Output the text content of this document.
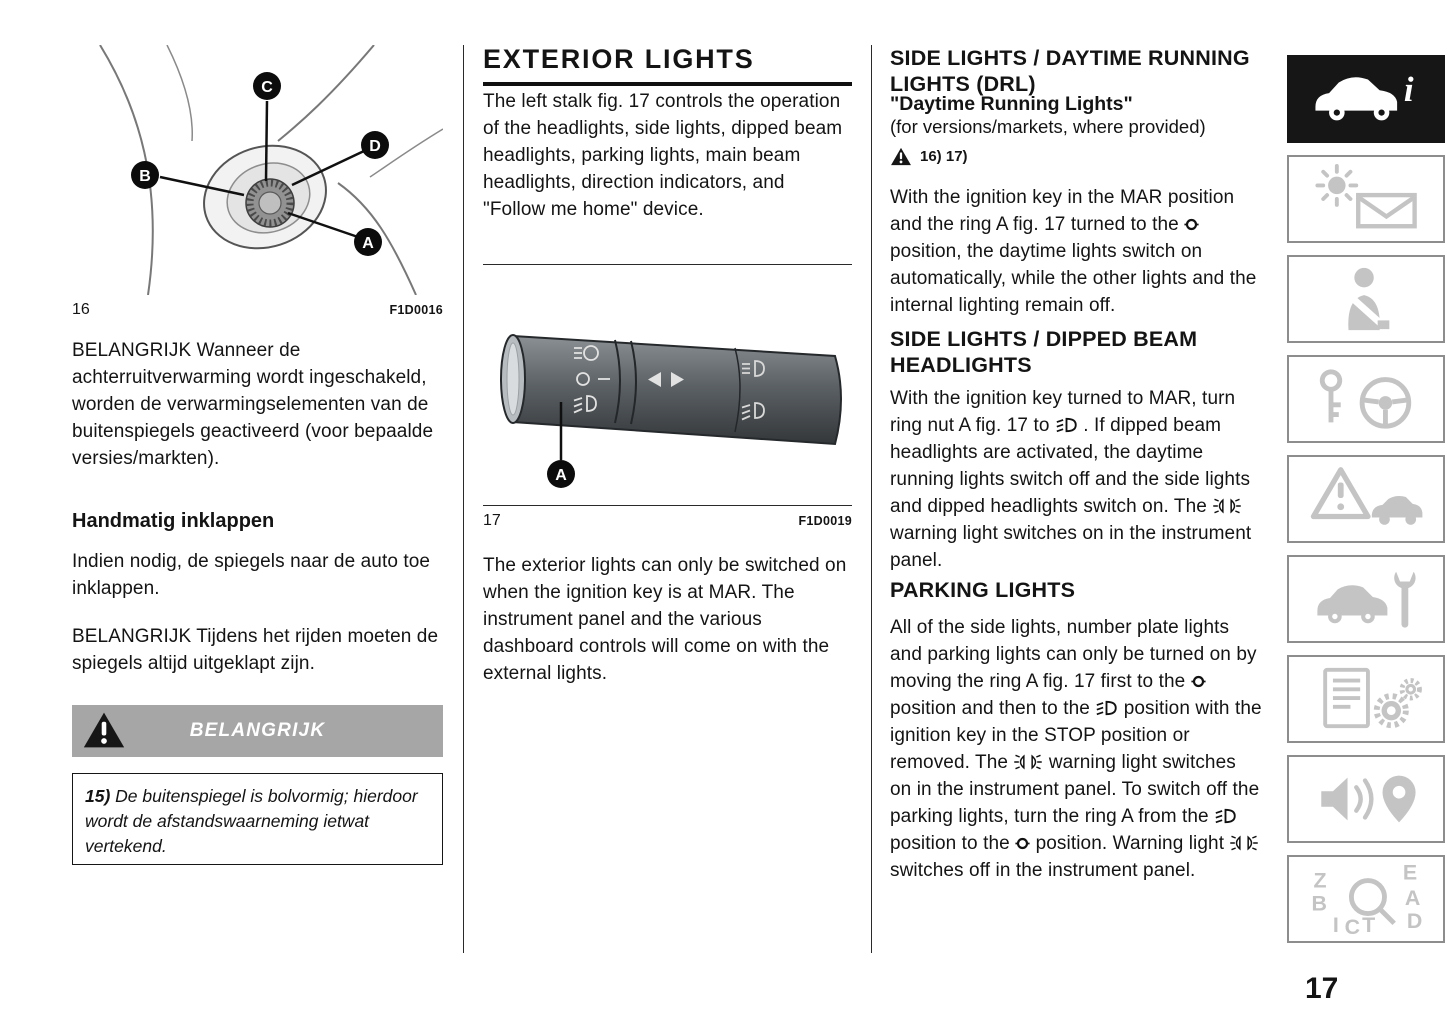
C
D
B
A
16	F1D0016

BELANGRIJK Wanneer de achterruitverwarming wordt ingeschakeld, worden de verwarmingselementen van de buitenspiegels geactiveerd (voor bepaalde versies/markten).

Handmatig inklappen

Indien nodig, de spiegels naar de auto toe inklappen.

BELANGRIJK Tijdens het rijden moeten de spiegels altijd uitgeklapt zijn.

BELANGRIJK

15) De buitenspiegel is bolvormig; hierdoor wordt de afstandswaarneming ietwat vertekend.

EXTERIOR LIGHTS

The left stalk fig. 17 controls the operation of the headlights, side lights, dipped beam headlights, parking lights, main beam headlights, direction indicators, and "Follow me home" device.

A
17	F1D0019

The exterior lights can only be switched on when the ignition key is at MAR. The instrument panel and the various dashboard controls will come on with the external lights.

SIDE LIGHTS / DAYTIME RUNNING LIGHTS (DRL)

"Daytime Running Lights"

(for versions/markets, where provided)

16) 17)

With the ignition key in the MAR position and the ring A fig. 17 turned to the  position, the daytime lights switch on automatically, while the other lights and the internal lighting remain off.

SIDE LIGHTS / DIPPED BEAM HEADLIGHTS

With the ignition key turned to MAR, turn ring nut A fig. 17 to  . If dipped beam headlights are activated, the daytime running lights switch off and the side lights and dipped headlights switch on. The  warning light switches on in the instrument panel.

PARKING LIGHTS

All of the side lights, number plate lights and parking lights can only be turned on by moving the ring A fig. 17 first to the  position and then to the  position with the ignition key in the STOP position or removed. The  warning light switches on in the instrument panel. To switch off the parking lights, turn the ring A from the  position to the  position. Warning light  switches off in the instrument panel.

i
Z	E
B	A
I C T D
17
